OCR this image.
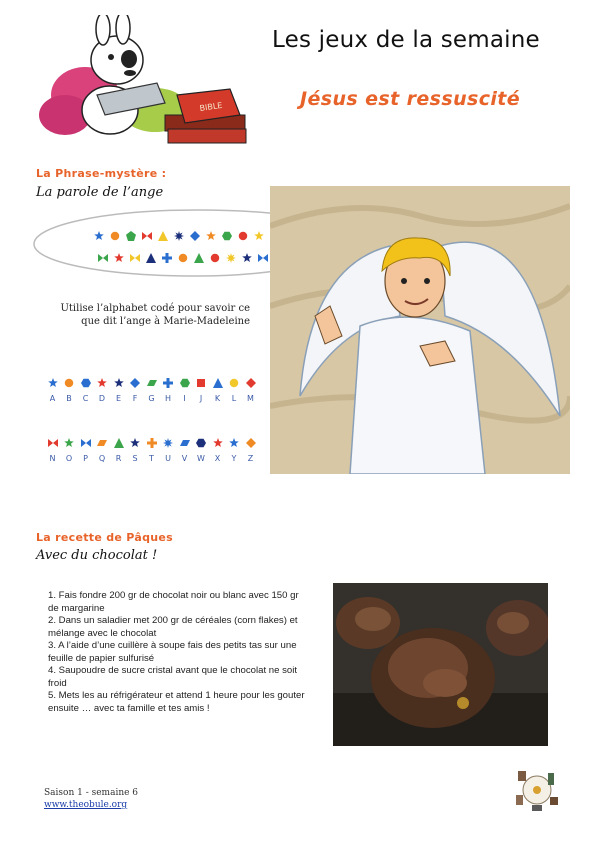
BIBLE
Les jeux de la semaine
Jésus est ressuscité
La Phrase-mystère :
La parole de l’ange
Utilise l’alphabet codé pour savoir ce que dit l’ange à Marie-Madeleine
A	B	C	D	E	F	G	H	I	J	K	L	M
N	O	P	Q	R	S	T	U	V	W	X	Y	Z
La recette de Pâques
Avec du chocolat !

1. Fais fondre 200 gr de chocolat noir ou blanc avec 150 gr de margarine

2. Dans un saladier met 200 gr de céréales (corn flakes) et mélange avec le chocolat

3. A l’aide d’une cuillère à soupe fais des petits tas sur une feuille de papier sulfurisé

4. Saupoudre de sucre cristal avant que le chocolat ne soit froid

5. Mets les au réfrigérateur et attend 1 heure pour les gouter ensuite … avec ta famille et tes amis !

Saison 1 - semaine 6
www.theobule.org
